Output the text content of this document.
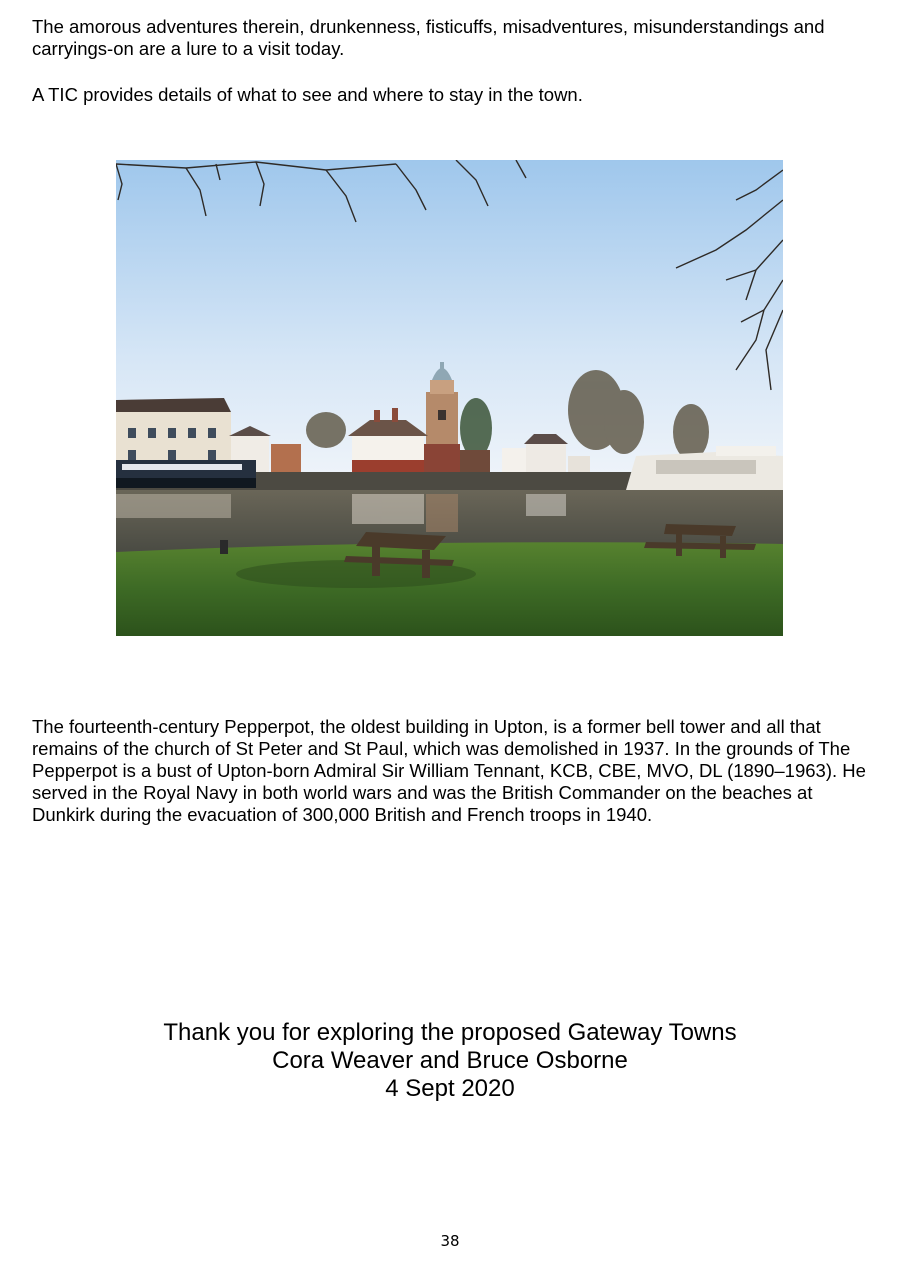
The amorous adventures therein, drunkenness, fisticuffs, misadventures, misunderstandings and carryings-on are a lure to a visit today.

A TIC provides details of what to see and where to stay in the town.

The fourteenth-century Pepperpot, the oldest building in Upton, is a former bell tower and all that remains of the church of St Peter and St Paul, which was demolished in 1937. In the grounds of The Pepperpot is a bust of Upton-born Admiral Sir William Tennant, KCB, CBE, MVO, DL (1890–1963). He served in the Royal Navy in both world wars and was the British Commander on the beaches at Dunkirk during the evacuation of 300,000 British and French troops in 1940.

Thank you for exploring the proposed Gateway Towns
Cora Weaver and Bruce Osborne
4 Sept 2020
38
